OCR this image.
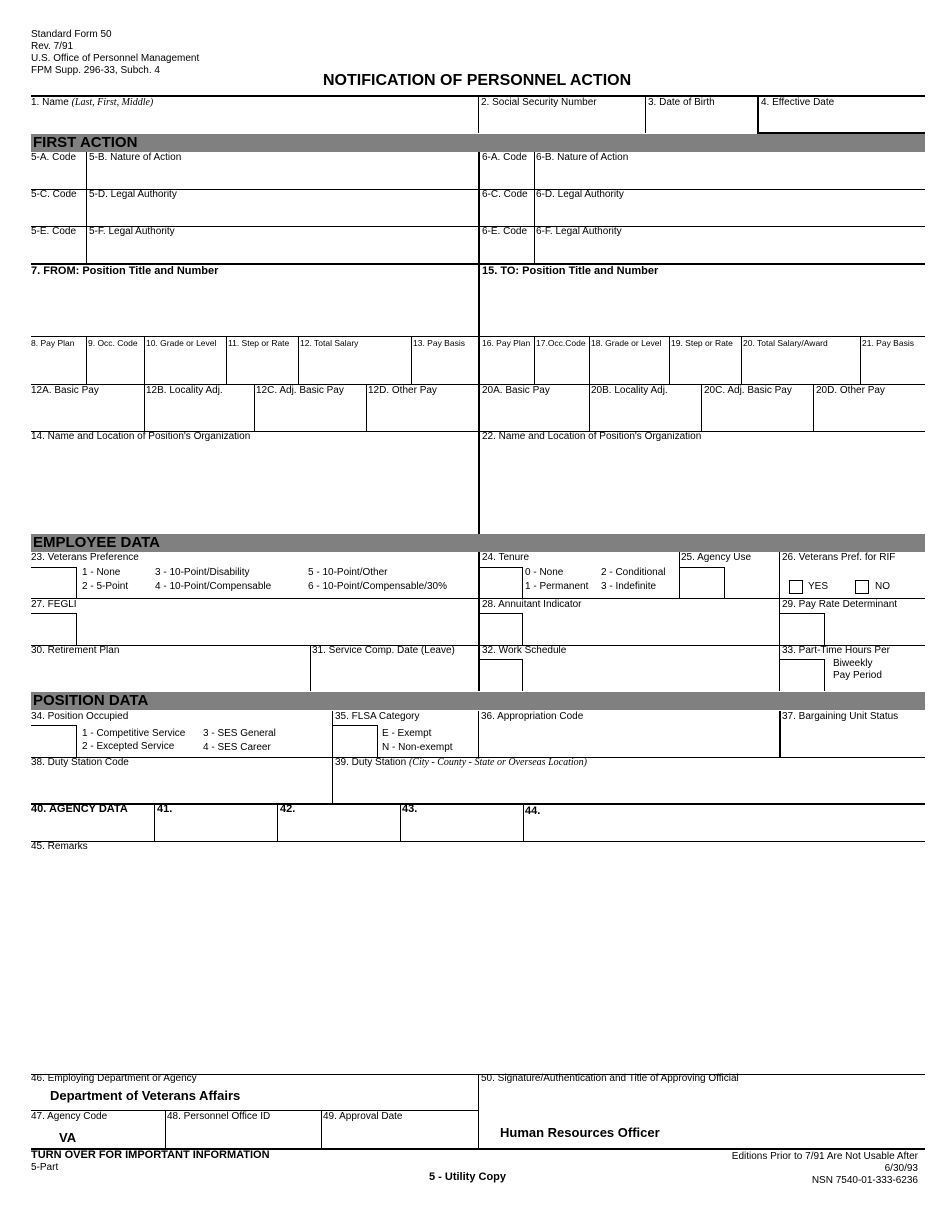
Standard Form 50
Rev. 7/91
U.S. Office of Personnel Management
FPM Supp. 296-33, Subch. 4
NOTIFICATION OF PERSONNEL ACTION
1. Name (Last, First, Middle)	2. Social Security Number	3. Date of Birth	4. Effective Date
FIRST ACTION
5-A. Code 5-B. Nature of Action	6-A. Code 6-B. Nature of Action
5-C. Code 5-D. Legal Authority	6-C. Code 6-D. Legal Authority
5-E. Code 5-F. Legal Authority	6-E. Code 6-F. Legal Authority
7. FROM: Position Title and Number	15. TO: Position Title and Number
8. Pay Plan 9. Occ. Code 10. Grade or Level 11. Step or Rate 12. Total Salary	13. Pay Basis 16. Pay Plan 17.Occ.Code 18. Grade or Level 19. Step or Rate 20. Total Salary/Award	21. Pay Basis
12A. Basic Pay	12B. Locality Adj.	12C. Adj. Basic Pay 12D. Other Pay	20A. Basic Pay	20B. Locality Adj.	20C. Adj. Basic Pay 20D. Other Pay
14. Name and Location of Position's Organization	22. Name and Location of Position's Organization
EMPLOYEE DATA
23. Veterans Preference
1 - None
2 - 5-Point
3 - 10-Point/Disability
4 - 10-Point/Compensable
5 - 10-Point/Other
6 - 10-Point/Compensable/30%
24. Tenure
0 - None
1 - Permanent
2 - Conditional
3 - Indefinite
25. Agency Use	26. Veterans Pref. for RIF
YES	NO
27. FEGLI	28. Annuitant Indicator	29. Pay Rate Determinant
30. Retirement Plan	31. Service Comp. Date (Leave)	32. Work Schedule	33. Part-Time Hours Per
Biweekly
Pay Period
POSITION DATA
34. Position Occupied
1 - Competitive Service
2 - Excepted Service
3 - SES General
4 - SES Career
35. FLSA Category
E - Exempt
N - Non-exempt
36. Appropriation Code	37. Bargaining Unit Status
38. Duty Station Code	39. Duty Station (City - County - State or Overseas Location)
40. AGENCY DATA	41.	42.	43.	44.
45. Remarks
46. Employing Department or Agency
Department of Veterans Affairs
50. Signature/Authentication and Title of Approving Official
47. Agency Code
VA
48. Personnel Office ID	49. Approval Date
Human Resources Officer
TURN OVER FOR IMPORTANT INFORMATION
5-Part
5 - Utility Copy
Editions Prior to 7/91 Are Not Usable After
6/30/93
NSN 7540-01-333-6236
